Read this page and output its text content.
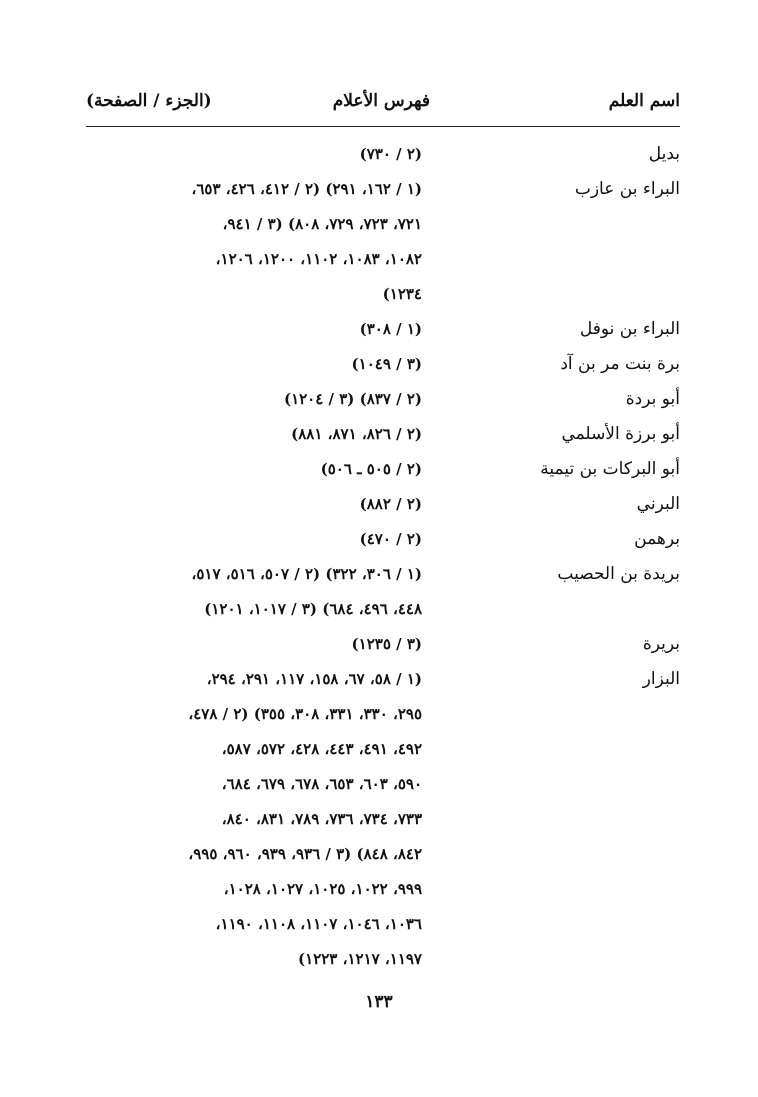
اسم العلم
فهرس الأعلام
(الجزء / الصفحة)
بديل
(٢ / ٧٣٠)
البراء بن عازب
(١ / ١٦٢، ٢٩١) (٢ / ٤١٢، ٤٢٦، ٦٥٣،
٧٢١، ٧٢٣، ٧٢٩، ٨٠٨) (٣ / ٩٤١،
١٠٨٢، ١٠٨٣، ١١٠٢، ١٢٠٠، ١٢٠٦،
١٢٣٤)
البراء بن نوفل
(١ / ٣٠٨)
برة بنت مر بن آد
(٣ / ١٠٤٩)
أبو بردة
(٢ / ٨٣٧) (٣ / ١٢٠٤)
أبو برزة الأسلمي
(٢ / ٨٢٦، ٨٧١، ٨٨١)
أبو البركات بن تيمية
(٢ / ٥٠٥ ـ ٥٠٦)
البرني
(٢ / ٨٨٢)
برهمن
(٢ / ٤٧٠)
بريدة بن الحصيب
(١ / ٣٠٦، ٣٢٢) (٢ / ٥٠٧، ٥١٦، ٥١٧،
٤٤٨، ٤٩٦، ٦٨٤) (٣ / ١٠١٧، ١٢٠١)
بريرة
(٣ / ١٢٣٥)
البزار
(١ / ٥٨، ٦٧، ١٥٨، ١١٧، ٢٩١، ٢٩٤،
٢٩٥، ٣٣٠، ٣٣١، ٣٠٨، ٣٥٥) (٢ / ٤٧٨،
٤٩٢، ٤٩١، ٤٤٣، ٤٢٨، ٥٧٢، ٥٨٧،
٥٩٠، ٦٠٣، ٦٥٣، ٦٧٨، ٦٧٩، ٦٨٤،
٧٣٣، ٧٣٤، ٧٣٦، ٧٨٩، ٨٣١، ٨٤٠،
٨٤٢، ٨٤٨) (٣ / ٩٣٦، ٩٣٩، ٩٦٠، ٩٩٥،
٩٩٩، ١٠٢٢، ١٠٢٥، ١٠٢٧، ١٠٢٨،
١٠٣٦، ١٠٤٦، ١١٠٧، ١١٠٨، ١١٩٠،
١١٩٧، ١٢١٧، ١٢٢٣)
١٣٣
